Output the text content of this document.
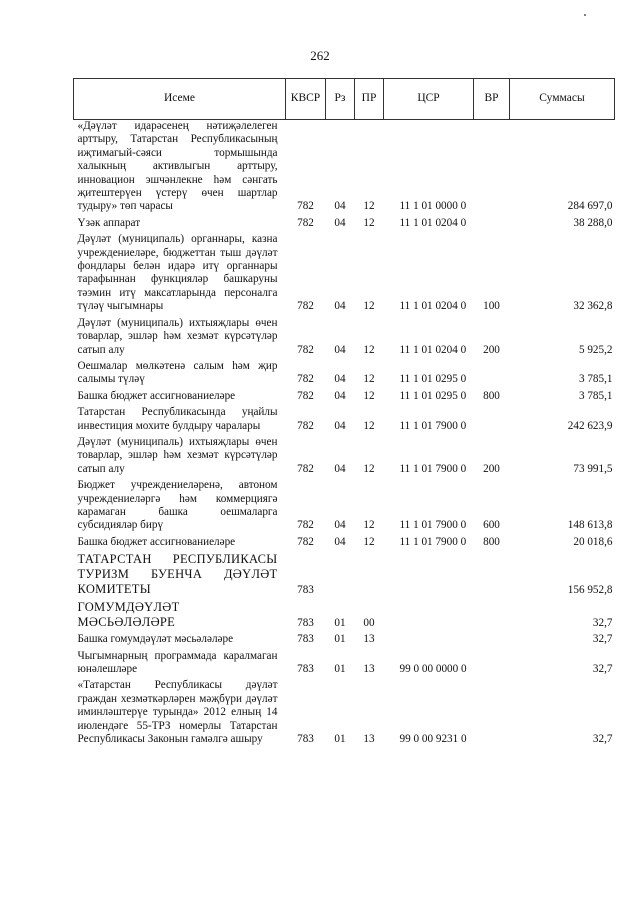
262
Исеме	КВСР	Рз	ПР	ЦСР	ВР	Суммасы
«Дәүләт идарәсенең нәтиҗәлелеген арттыру, Татарстан Республикасының иҗтимагый-сәяси тормышында халыкның активлыгын арттыру, инновацион эшчәнлекне һәм сәнгать җитештерүен үстерү өчен шартлар тудыру» төп чарасы	782	04	12	11 1 01 0000 0		284 697,0
Үзәк аппарат	782	04	12	11 1 01 0204 0		38 288,0
Дәүләт (муниципаль) органнары, казна учреждениеләре, бюджеттан тыш дәүләт фондлары белән идарә итү органнары тарафыннан функцияләр башкаруны тәэмин итү максатларында персоналга түләү чыгымнары	782	04	12	11 1 01 0204 0	100	32 362,8
Дәүләт (муниципаль) ихтыяҗлары өчен товарлар, эшләр һәм хезмәт күрсәтүләр сатып алу	782	04	12	11 1 01 0204 0	200	5 925,2
Оешмалар мөлкәтенә салым һәм җир салымы түләү	782	04	12	11 1 01 0295 0		3 785,1
Башка бюджет ассигнованиеләре	782	04	12	11 1 01 0295 0	800	3 785,1
Татарстан Республикасында уңайлы инвестиция мохите булдыру чаралары	782	04	12	11 1 01 7900 0		242 623,9
Дәүләт (муниципаль) ихтыяҗлары өчен товарлар, эшләр һәм хезмәт күрсәтүләр сатып алу	782	04	12	11 1 01 7900 0	200	73 991,5
Бюджет учреждениеләренә, автоном учреждениеләргә һәм коммерциягә карамаган башка оешмаларга субсидияләр бирү	782	04	12	11 1 01 7900 0	600	148 613,8
Башка бюджет ассигнованиеләре	782	04	12	11 1 01 7900 0	800	20 018,6
ТАТАРСТАН РЕСПУБЛИКАСЫ ТУРИЗМ БУЕНЧА ДӘҮЛӘТ КОМИТЕТЫ	783					156 952,8
ГОМУМДӘҮЛӘТ МӘСЬӘЛӘЛӘРЕ	783	01	00			32,7
Башка гомумдәүләт мәсьәләләре	783	01	13			32,7
Чыгымнарның программада каралмаган юнәлешләре	783	01	13	99 0 00 0000 0		32,7
«Татарстан Республикасы дәүләт граждан хезмәткәрләрен мәҗбүри дәүләт иминләштерүе турында» 2012 елның 14 июлендәге 55-ТРЗ номерлы Татарстан Республикасы Законын гамәлгә ашыру	783	01	13	99 0 00 9231 0		32,7
